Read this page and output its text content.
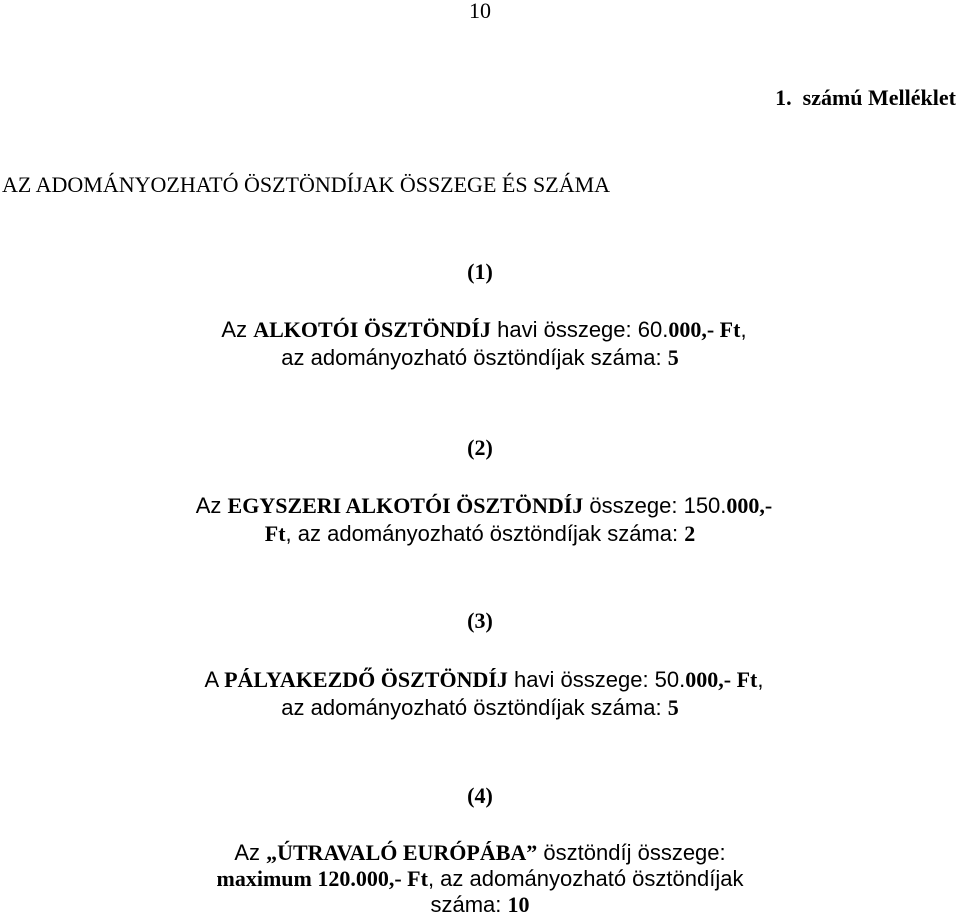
10
1.  számú Melléklet
AZ ADOMÁNYOZHATÓ ÖSZTÖNDÍJAK ÖSSZEGE ÉS SZÁMA
(1)
Az ALKOTÓI ÖSZTÖNDÍJ havi összege: 60.000,- Ft,
az adományozható ösztöndíjak száma: 5
(2)
Az EGYSZERI ALKOTÓI ÖSZTÖNDÍJ összege: 150.000,-
Ft, az adományozható ösztöndíjak száma: 2
(3)
A PÁLYAKEZDŐ ÖSZTÖNDÍJ havi összege: 50.000,- Ft,
az adományozható ösztöndíjak száma: 5
(4)
Az „ÚTRAVALÓ EURÓPÁBA” ösztöndíj összege:
maximum 120.000,- Ft, az adományozható ösztöndíjak
száma: 10
